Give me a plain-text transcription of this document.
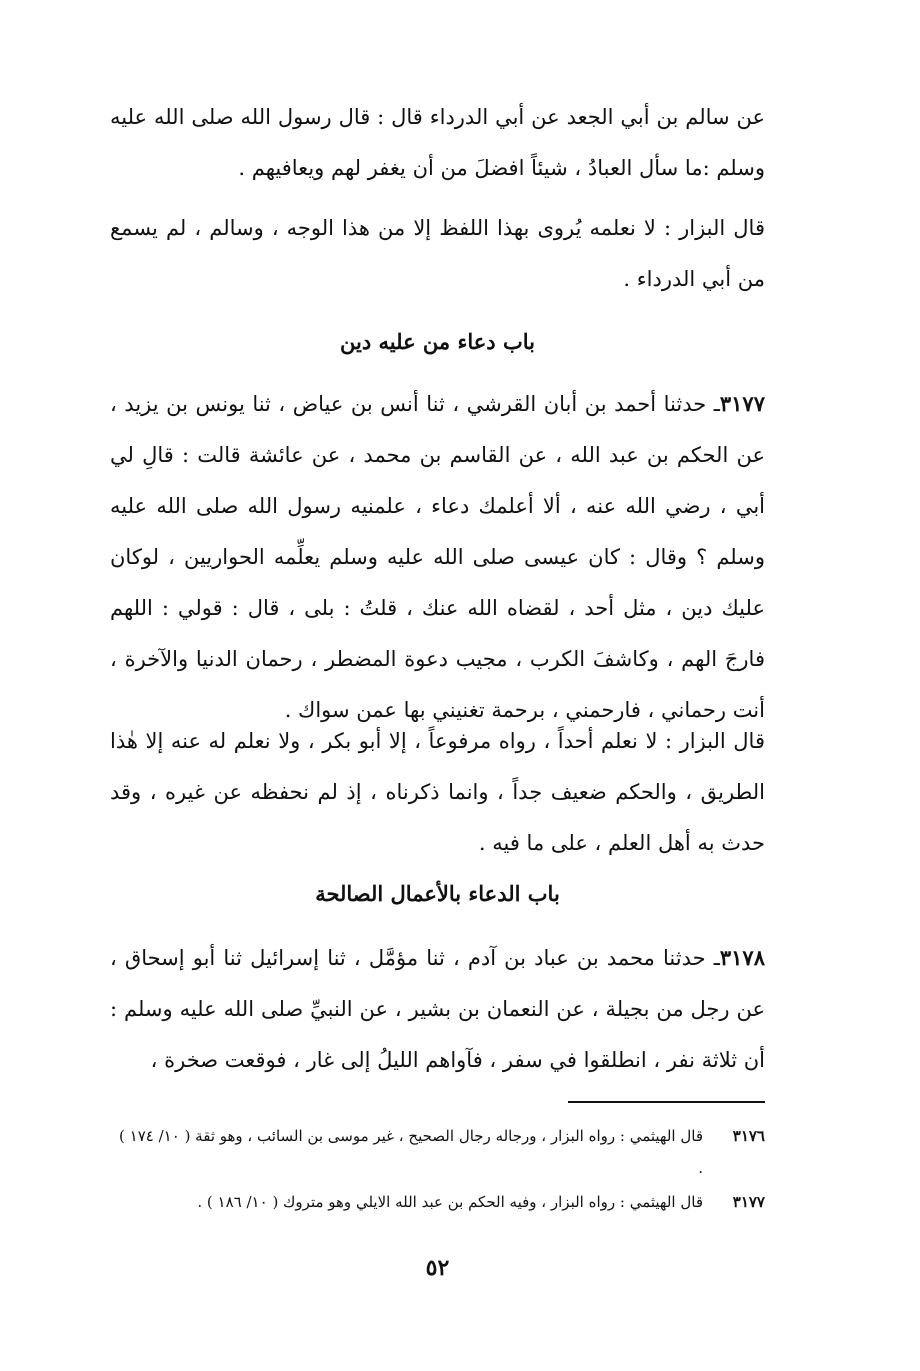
عن سالم بن أبي الجعد عن أبي الدرداء قال : قال رسول الله صلى الله عليه وسلم :ما سأل العبادُ ، شيئاً افضلَ من أن يغفر لهم ويعافيهم .
قال البزار : لا نعلمه يُروى بهذا اللفظ إلا من هذا الوجه ، وسالم ، لم يسمع من أبي الدرداء .
باب دعاء من عليه دين
٣١٧٧ـ حدثنا أحمد بن أبان القرشي ، ثنا أنس بن عياض ، ثنا يونس بن يزيد ، عن الحكم بن عبد الله ، عن القاسم بن محمد ، عن عائشة قالت : قالِ لي أبي ، رضي الله عنه ، ألا أعلمك دعاء ، علمنيه رسول الله صلى الله عليه وسلم ؟ وقال : كان عيسى صلى الله عليه وسلم يعلِّمه الحواريين ، لوكان عليك دين ، مثل أحد ، لقضاه الله عنك ، قلتُ : بلى ، قال : قولي : اللهم فارجَ الهم ، وكاشفَ الكرب ، مجيب دعوة المضطر ، رحمان الدنيا والآخرة ، أنت رحماني ، فارحمني ، برحمة تغنيني بها عمن سواك .
قال البزار : لا نعلم أحداً ، رواه مرفوعاً ، إلا أبو بكر ، ولا نعلم له عنه إلا هٰذا الطريق ، والحكم ضعيف جداً ، وانما ذكرناه ، إذ لم نحفظه عن غيره ، وقد حدث به أهل العلم ، على ما فيه .
باب الدعاء بالأعمال الصالحة
٣١٧٨ـ حدثنا محمد بن عباد بن آدم ، ثنا مؤمَّل ، ثنا إسرائيل ثنا أبو إسحاق ، عن رجل من بجيلة ، عن النعمان بن بشير ، عن النبيِّ صلى الله عليه وسلم : أن ثلاثة نفر ، انطلقوا في سفر ، فآواهم الليلُ إلى غار ، فوقعت صخرة ،
٣١٧٦
قال الهيثمي : رواه البزار ، ورجاله رجال الصحيح ، غير موسى بن السائب ، وهو ثقة ( ١٠/ ١٧٤ ) .
٣١٧٧
قال الهيثمي : رواه البزار ، وفيه الحكم بن عبد الله الايلي وهو متروك ( ١٠/ ١٨٦ ) .
٥٢
